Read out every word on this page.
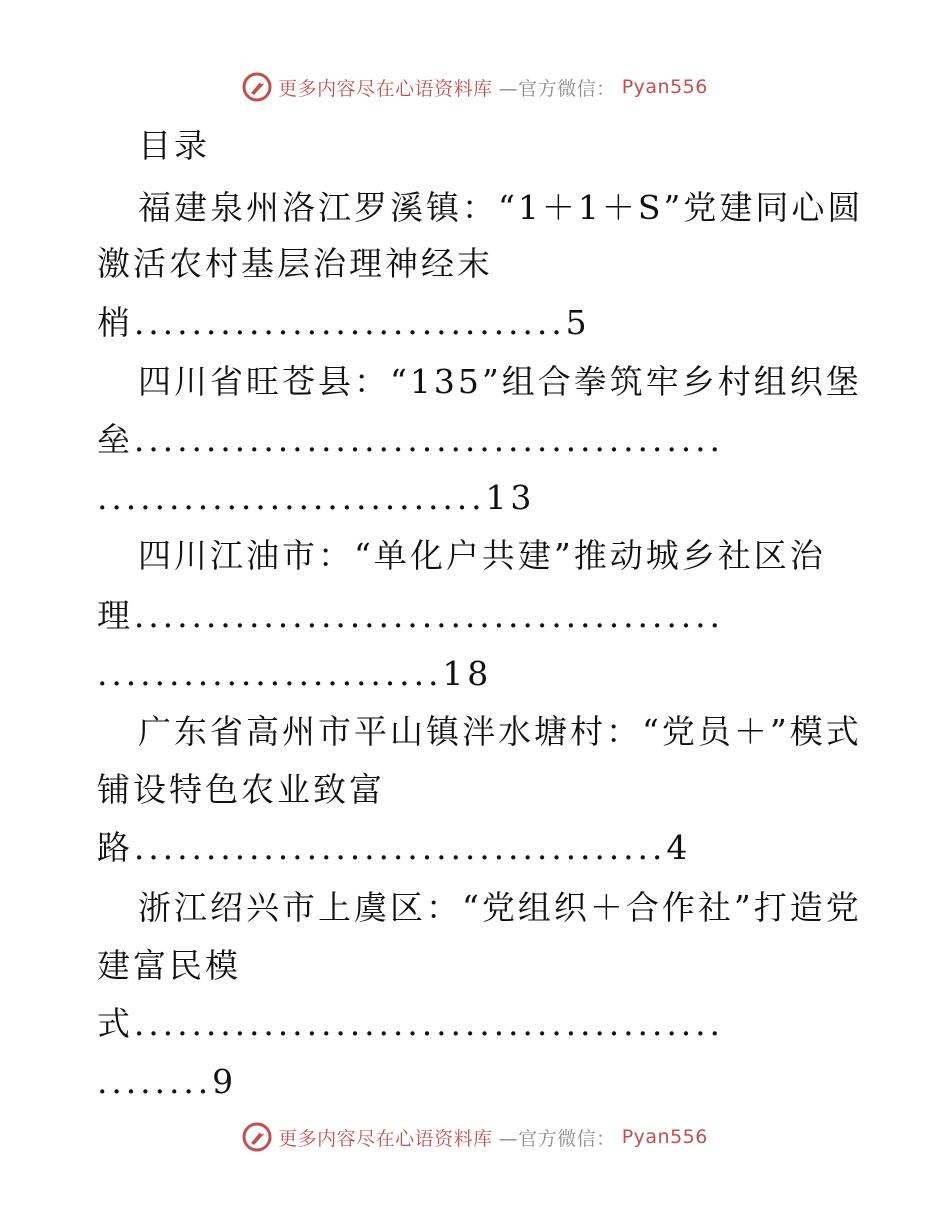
更多内容尽在心语资料库 —官方微信： Pyan556
目录
福建泉州洛江罗溪镇：“1＋1＋S”党建同心圆
激活农村基层治理神经末
梢..............................5
四川省旺苍县：“135”组合拳筑牢乡村组织堡
垒.........................................
...........................13
四川江油市：“单化户共建”推动城乡社区治
理.........................................
........................18
广东省高州市平山镇泮水塘村：“党员＋”模式
铺设特色农业致富
路.....................................4
浙江绍兴市上虞区：“党组织＋合作社”打造党
建富民模
式.........................................
........9
更多内容尽在心语资料库 —官方微信： Pyan556
